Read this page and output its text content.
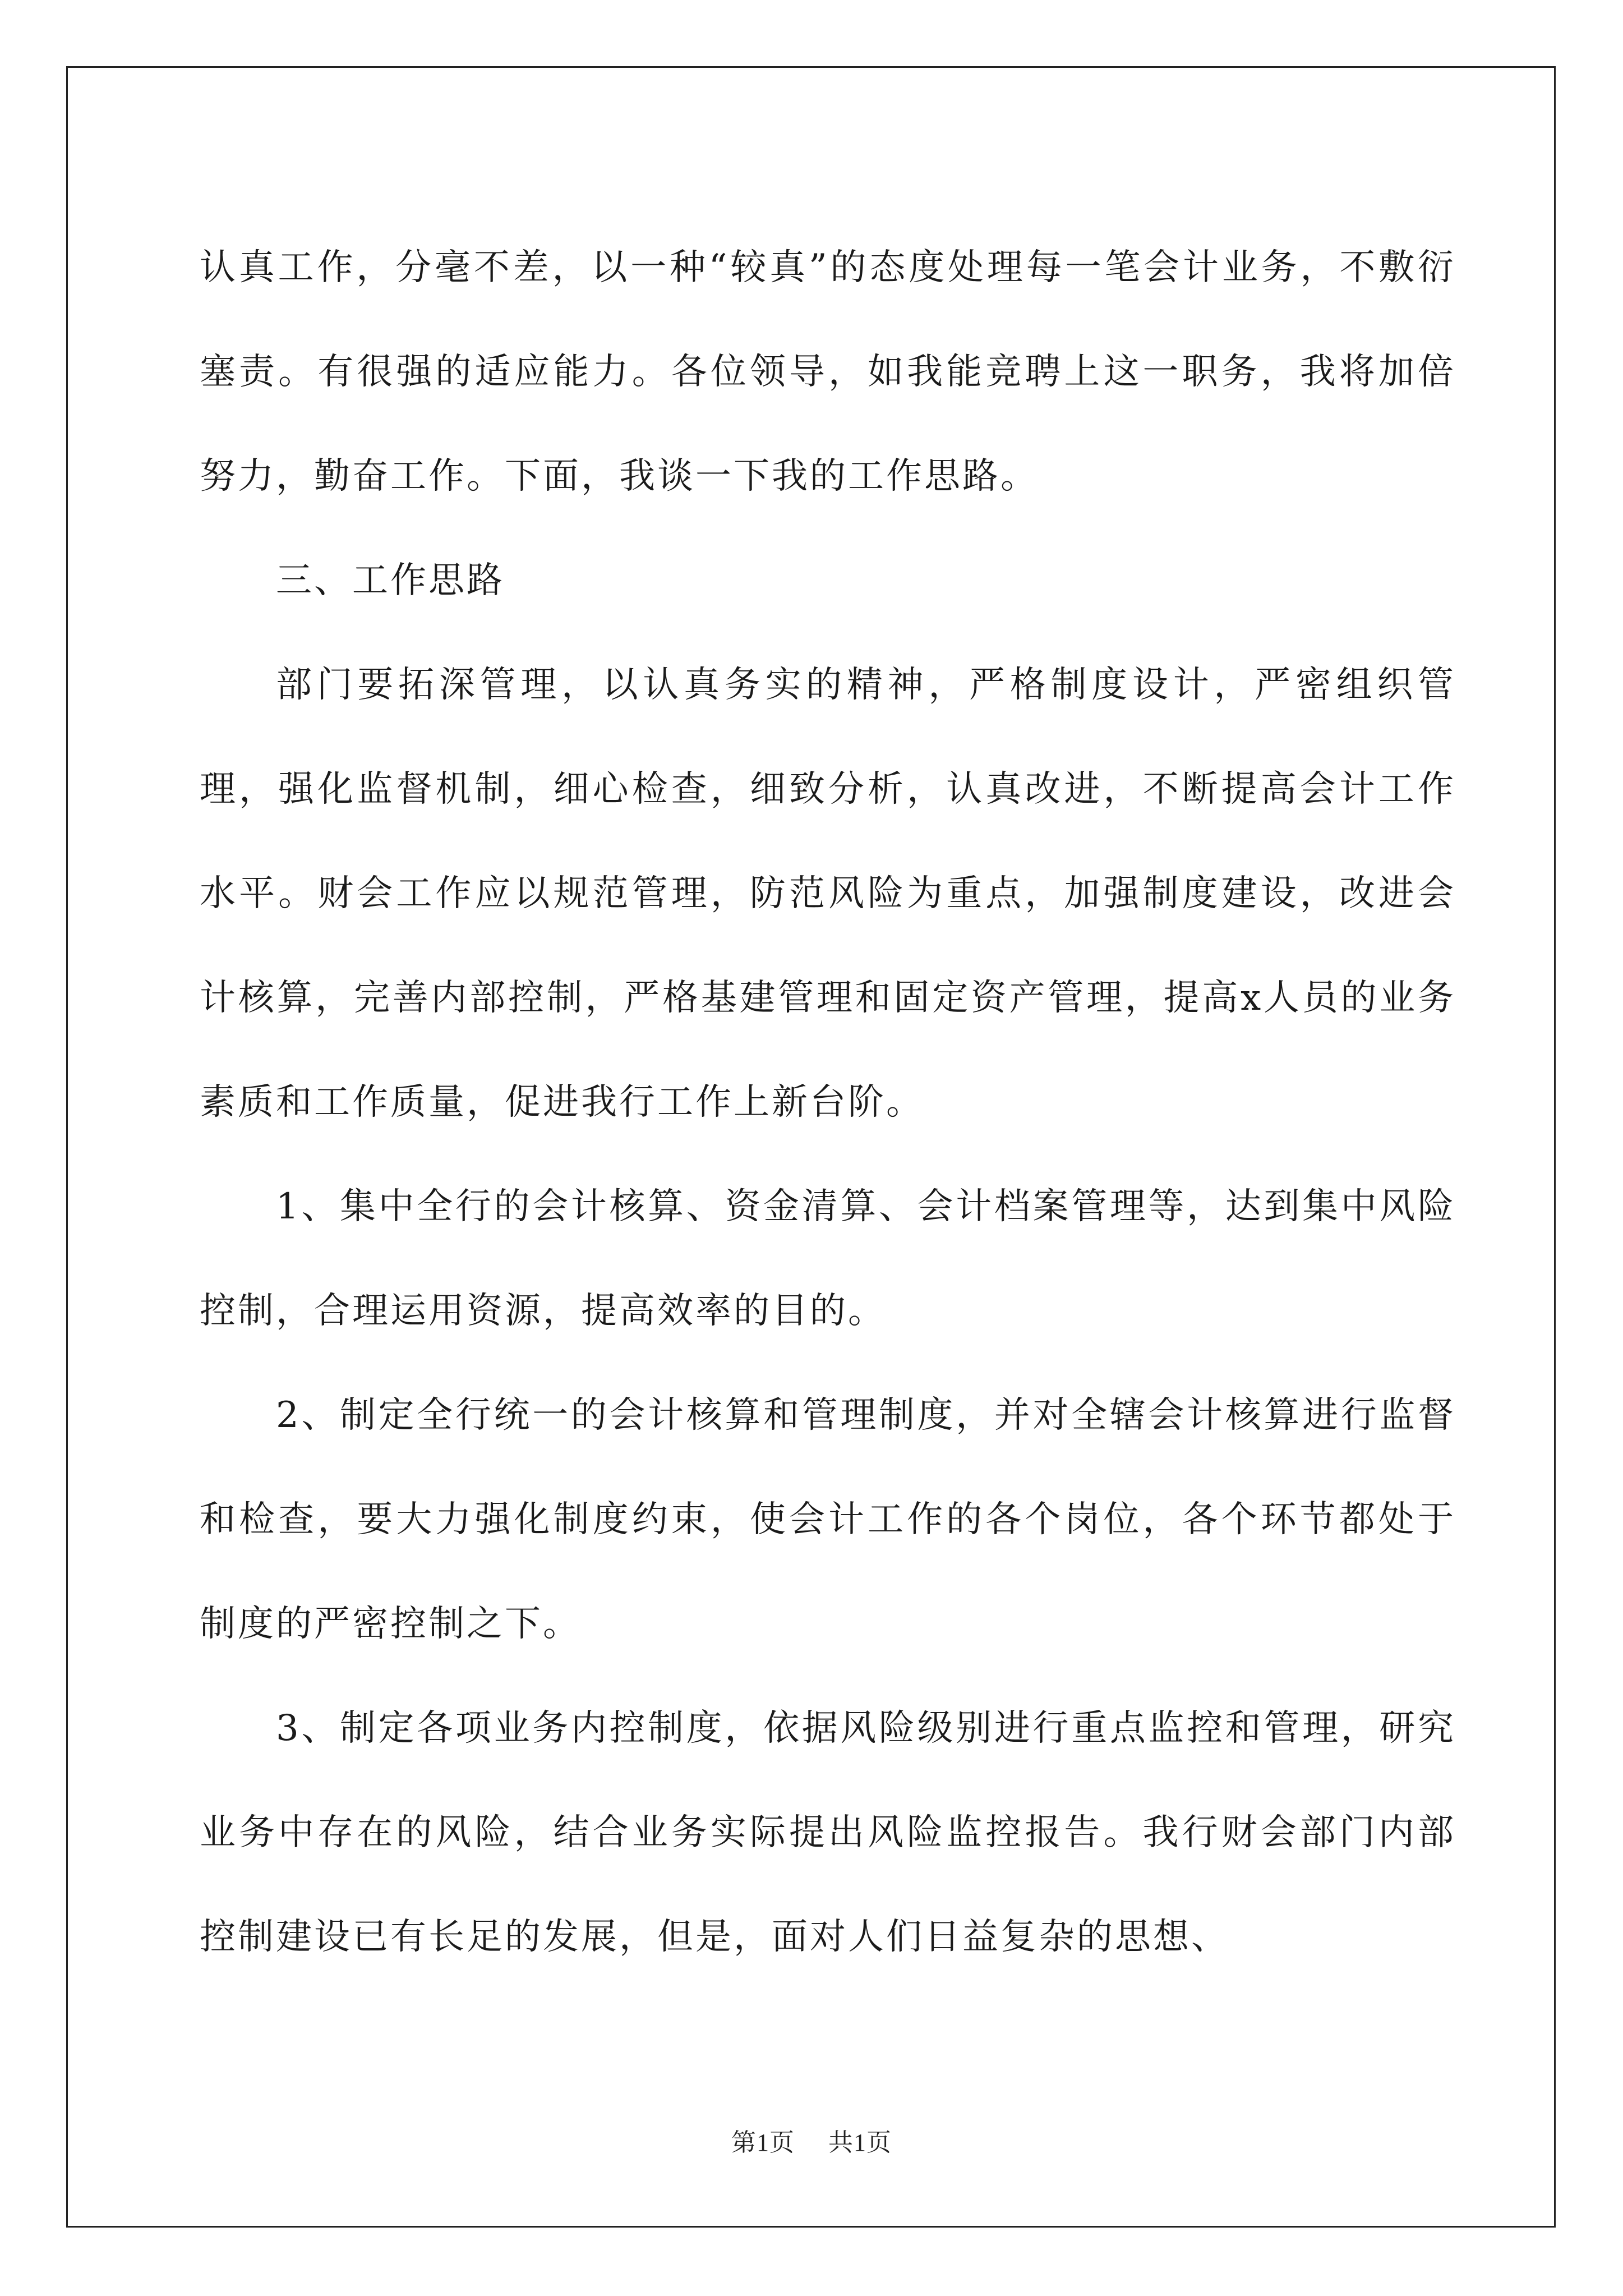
认真工作，分毫不差，以一种“较真”的态度处理每一笔会计业务，不敷衍塞责。有很强的适应能力。各位领导，如我能竞聘上这一职务，我将加倍努力，勤奋工作。下面，我谈一下我的工作思路。

三、工作思路

部门要拓深管理，以认真务实的精神，严格制度设计，严密组织管理，强化监督机制，细心检查，细致分析，认真改进，不断提高会计工作水平。财会工作应以规范管理，防范风险为重点，加强制度建设，改进会计核算，完善内部控制，严格基建管理和固定资产管理，提高x人员的业务素质和工作质量，促进我行工作上新台阶。

1、集中全行的会计核算、资金清算、会计档案管理等，达到集中风险控制，合理运用资源，提高效率的目的。

2、制定全行统一的会计核算和管理制度，并对全辖会计核算进行监督和检查，要大力强化制度约束，使会计工作的各个岗位，各个环节都处于制度的严密控制之下。

3、制定各项业务内控制度，依据风险级别进行重点监控和管理，研究业务中存在的风险，结合业务实际提出风险监控报告。我行财会部门内部控制建设已有长足的发展，但是，面对人们日益复杂的思想、

第1页 共1页
